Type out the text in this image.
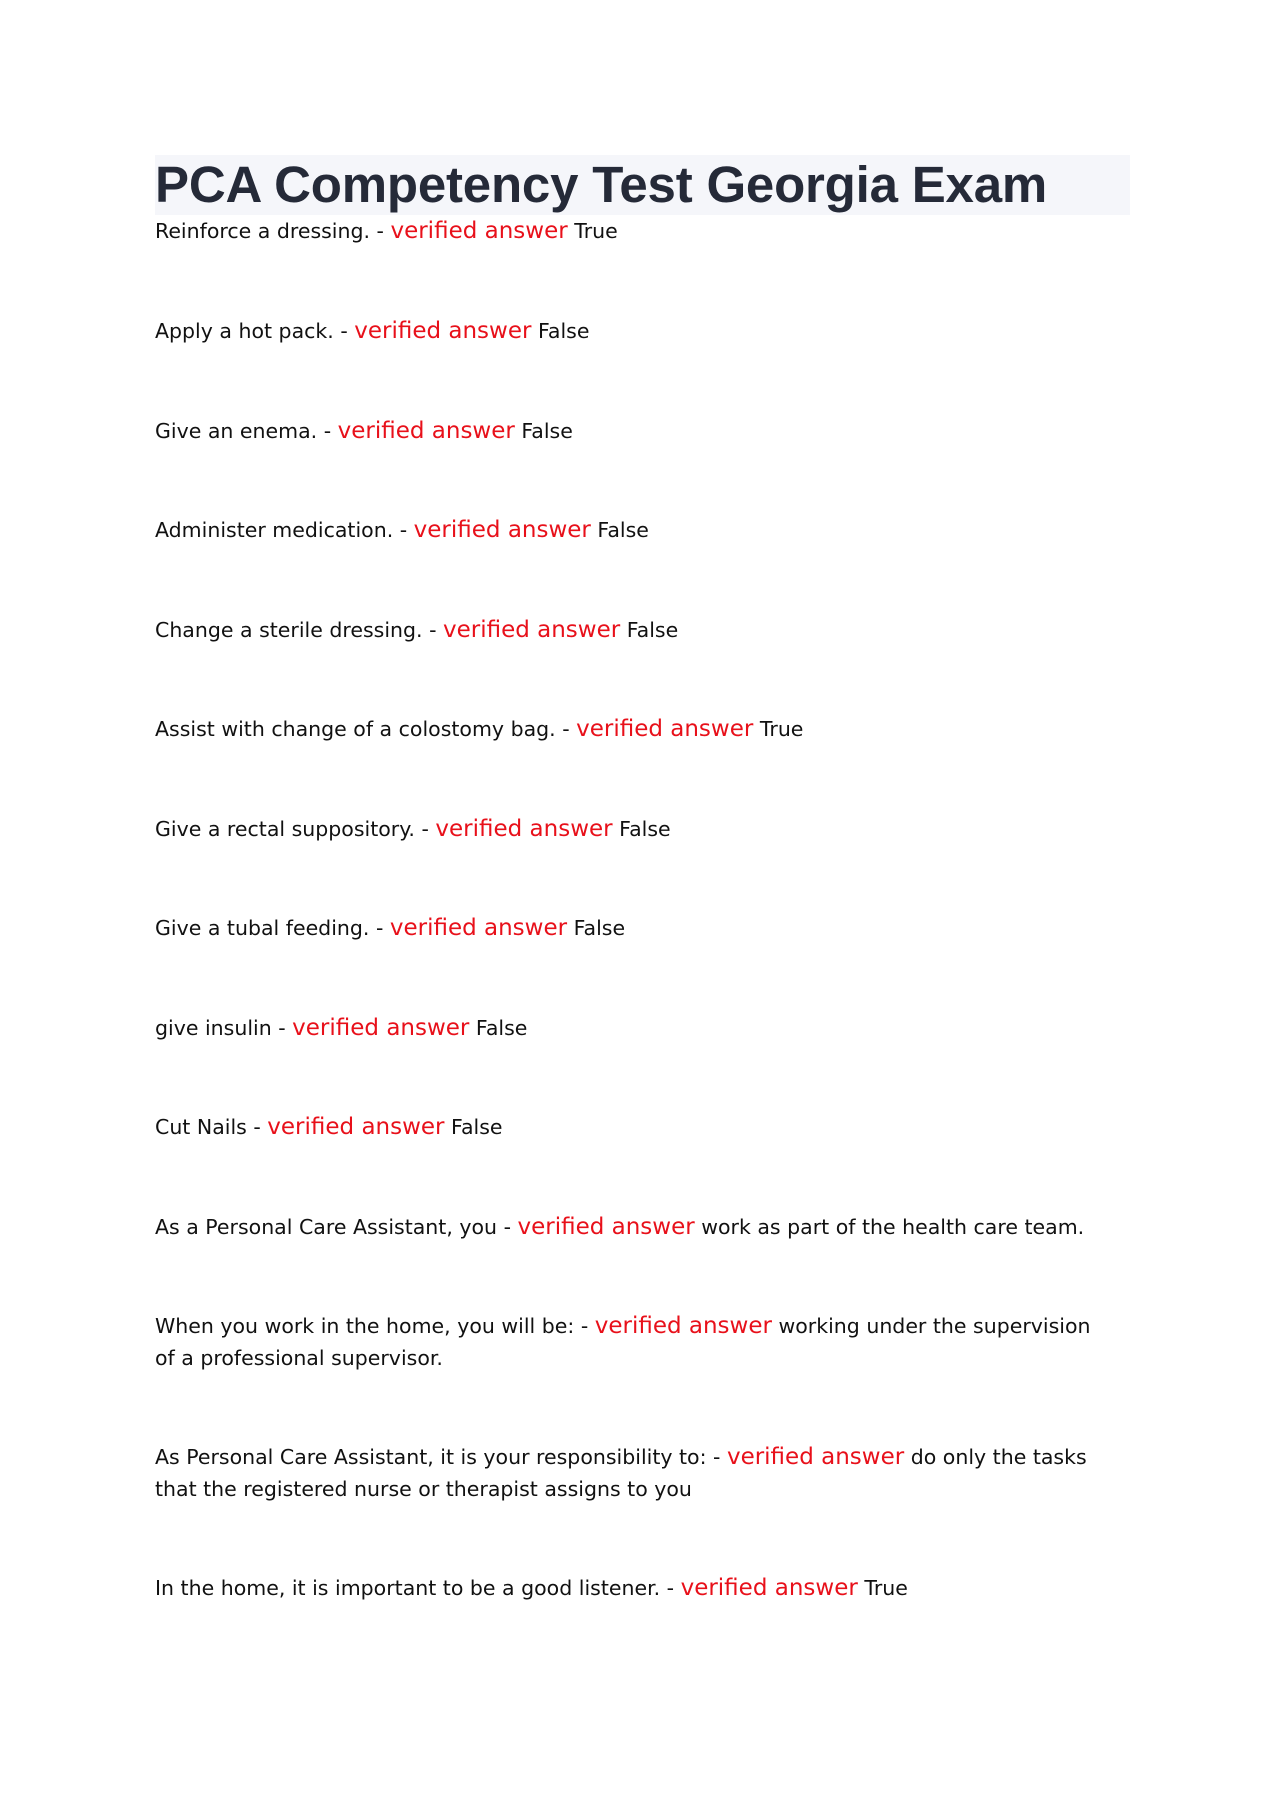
PCA Competency Test Georgia Exam
Reinforce a dressing. - verified answer True
Apply a hot pack. - verified answer False
Give an enema. - verified answer False
Administer medication. - verified answer False
Change a sterile dressing. - verified answer False
Assist with change of a colostomy bag. - verified answer True
Give a rectal suppository. - verified answer False
Give a tubal feeding. - verified answer False
give insulin - verified answer False
Cut Nails - verified answer False
As a Personal Care Assistant, you - verified answer work as part of the health care team.
When you work in the home, you will be: - verified answer working under the supervision of a professional supervisor.
As Personal Care Assistant, it is your responsibility to: - verified answer do only the tasks that the registered nurse or therapist assigns to you
In the home, it is important to be a good listener. - verified answer True
